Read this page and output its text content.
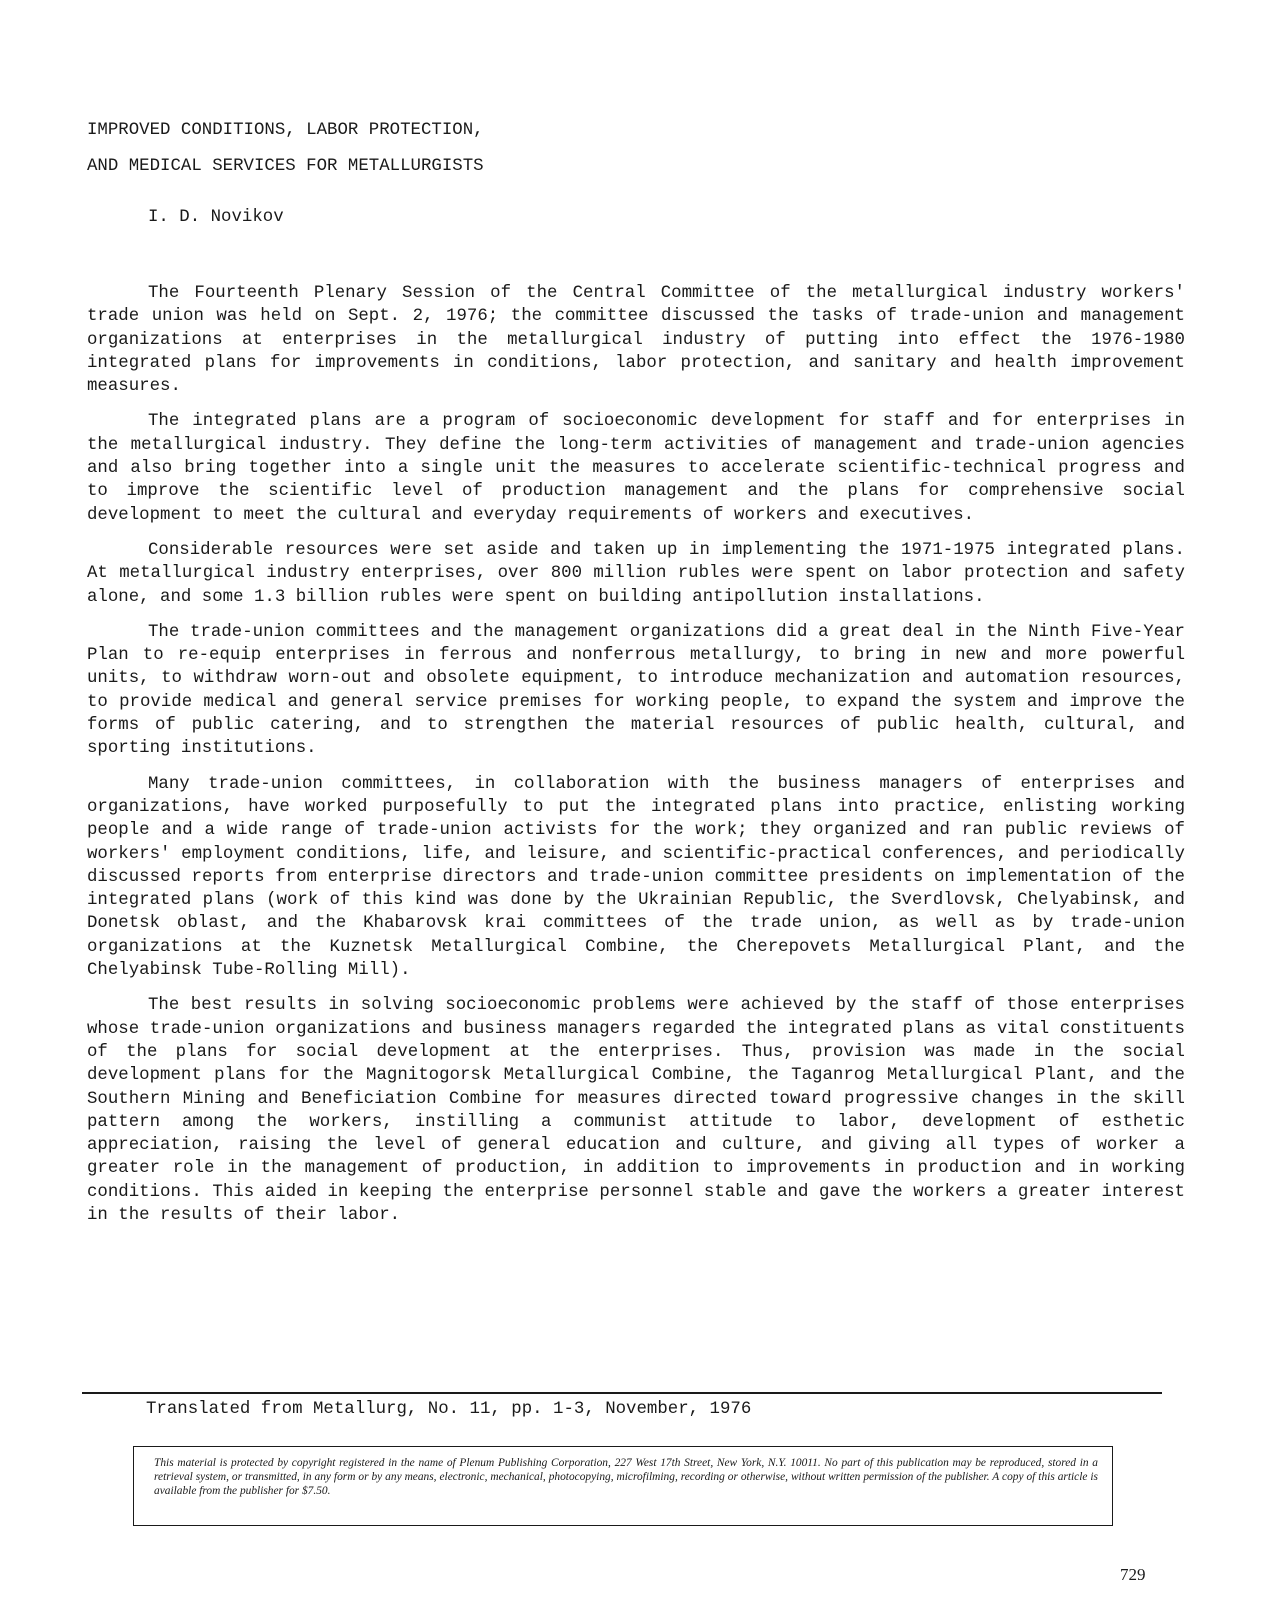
IMPROVED CONDITIONS, LABOR PROTECTION,
AND MEDICAL SERVICES FOR METALLURGISTS
I. D. Novikov

The Fourteenth Plenary Session of the Central Committee of the metallurgical industry workers' trade union was held on Sept. 2, 1976; the committee discussed the tasks of trade-union and management organizations at enterprises in the metallurgical industry of putting into effect the 1976-1980 integrated plans for improvements in conditions, labor protection, and sanitary and health improvement measures.

The integrated plans are a program of socioeconomic development for staff and for enterprises in the metallurgical industry. They define the long-term activities of management and trade-union agencies and also bring together into a single unit the measures to accelerate scientific-technical progress and to improve the scientific level of production management and the plans for comprehensive social development to meet the cultural and everyday requirements of workers and executives.

Considerable resources were set aside and taken up in implementing the 1971-1975 integrated plans. At metallurgical industry enterprises, over 800 million rubles were spent on labor protection and safety alone, and some 1.3 billion rubles were spent on building antipollution installations.

The trade-union committees and the management organizations did a great deal in the Ninth Five-Year Plan to re-equip enterprises in ferrous and nonferrous metallurgy, to bring in new and more powerful units, to withdraw worn-out and obsolete equipment, to introduce mechanization and automation resources, to provide medical and general service premises for working people, to expand the system and improve the forms of public catering, and to strengthen the material resources of public health, cultural, and sporting institutions.

Many trade-union committees, in collaboration with the business managers of enterprises and organizations, have worked purposefully to put the integrated plans into practice, enlisting working people and a wide range of trade-union activists for the work; they organized and ran public reviews of workers' employment conditions, life, and leisure, and scientific-practical conferences, and periodically discussed reports from enterprise directors and trade-union committee presidents on implementation of the integrated plans (work of this kind was done by the Ukrainian Republic, the Sverdlovsk, Chelyabinsk, and Donetsk oblast, and the Khabarovsk krai committees of the trade union, as well as by trade-union organizations at the Kuznetsk Metallurgical Combine, the Cherepovets Metallurgical Plant, and the Chelyabinsk Tube-Rolling Mill).

The best results in solving socioeconomic problems were achieved by the staff of those enterprises whose trade-union organizations and business managers regarded the integrated plans as vital constituents of the plans for social development at the enterprises. Thus, provision was made in the social development plans for the Magnitogorsk Metallurgical Combine, the Taganrog Metallurgical Plant, and the Southern Mining and Beneficiation Combine for measures directed toward progressive changes in the skill pattern among the workers, instilling a communist attitude to labor, development of esthetic appreciation, raising the level of general education and culture, and giving all types of worker a greater role in the management of production, in addition to improvements in production and in working conditions. This aided in keeping the enterprise personnel stable and gave the workers a greater interest in the results of their labor.

Translated from Metallurg, No. 11, pp. 1-3, November, 1976

This material is protected by copyright registered in the name of Plenum Publishing Corporation, 227 West 17th Street, New York, N.Y. 10011. No part of this publication may be reproduced, stored in a retrieval system, or transmitted, in any form or by any means, electronic, mechanical, photocopying, microfilming, recording or otherwise, without written permission of the publisher. A copy of this article is available from the publisher for $7.50.

729
